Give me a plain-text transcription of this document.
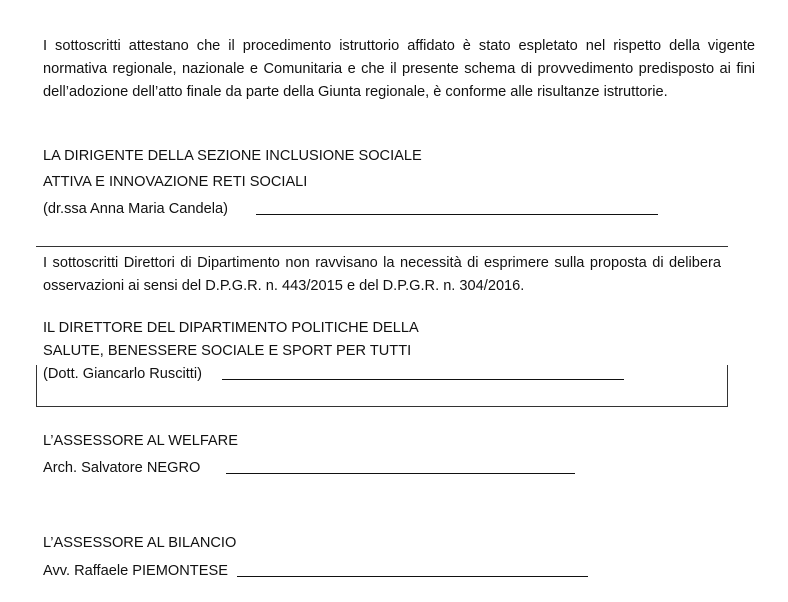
I sottoscritti attestano che il procedimento istruttorio affidato è stato espletato nel rispetto della vigente normativa regionale, nazionale e Comunitaria e che il presente schema di provvedimento predisposto ai fini dell’adozione dell’atto finale da parte della Giunta regionale, è conforme alle risultanze istruttorie.
LA DIRIGENTE DELLA SEZIONE INCLUSIONE SOCIALE
ATTIVA E INNOVAZIONE RETI SOCIALI
(dr.ssa Anna Maria Candela)
I sottoscritti Direttori di Dipartimento non ravvisano la necessità di esprimere sulla proposta di delibera osservazioni ai sensi del D.P.G.R. n. 443/2015 e del D.P.G.R. n. 304/2016.
IL DIRETTORE DEL DIPARTIMENTO POLITICHE DELLA
SALUTE, BENESSERE SOCIALE E SPORT PER TUTTI
(Dott. Giancarlo Ruscitti)
L’ASSESSORE AL WELFARE
Arch. Salvatore NEGRO
L’ASSESSORE AL BILANCIO
Avv. Raffaele PIEMONTESE
